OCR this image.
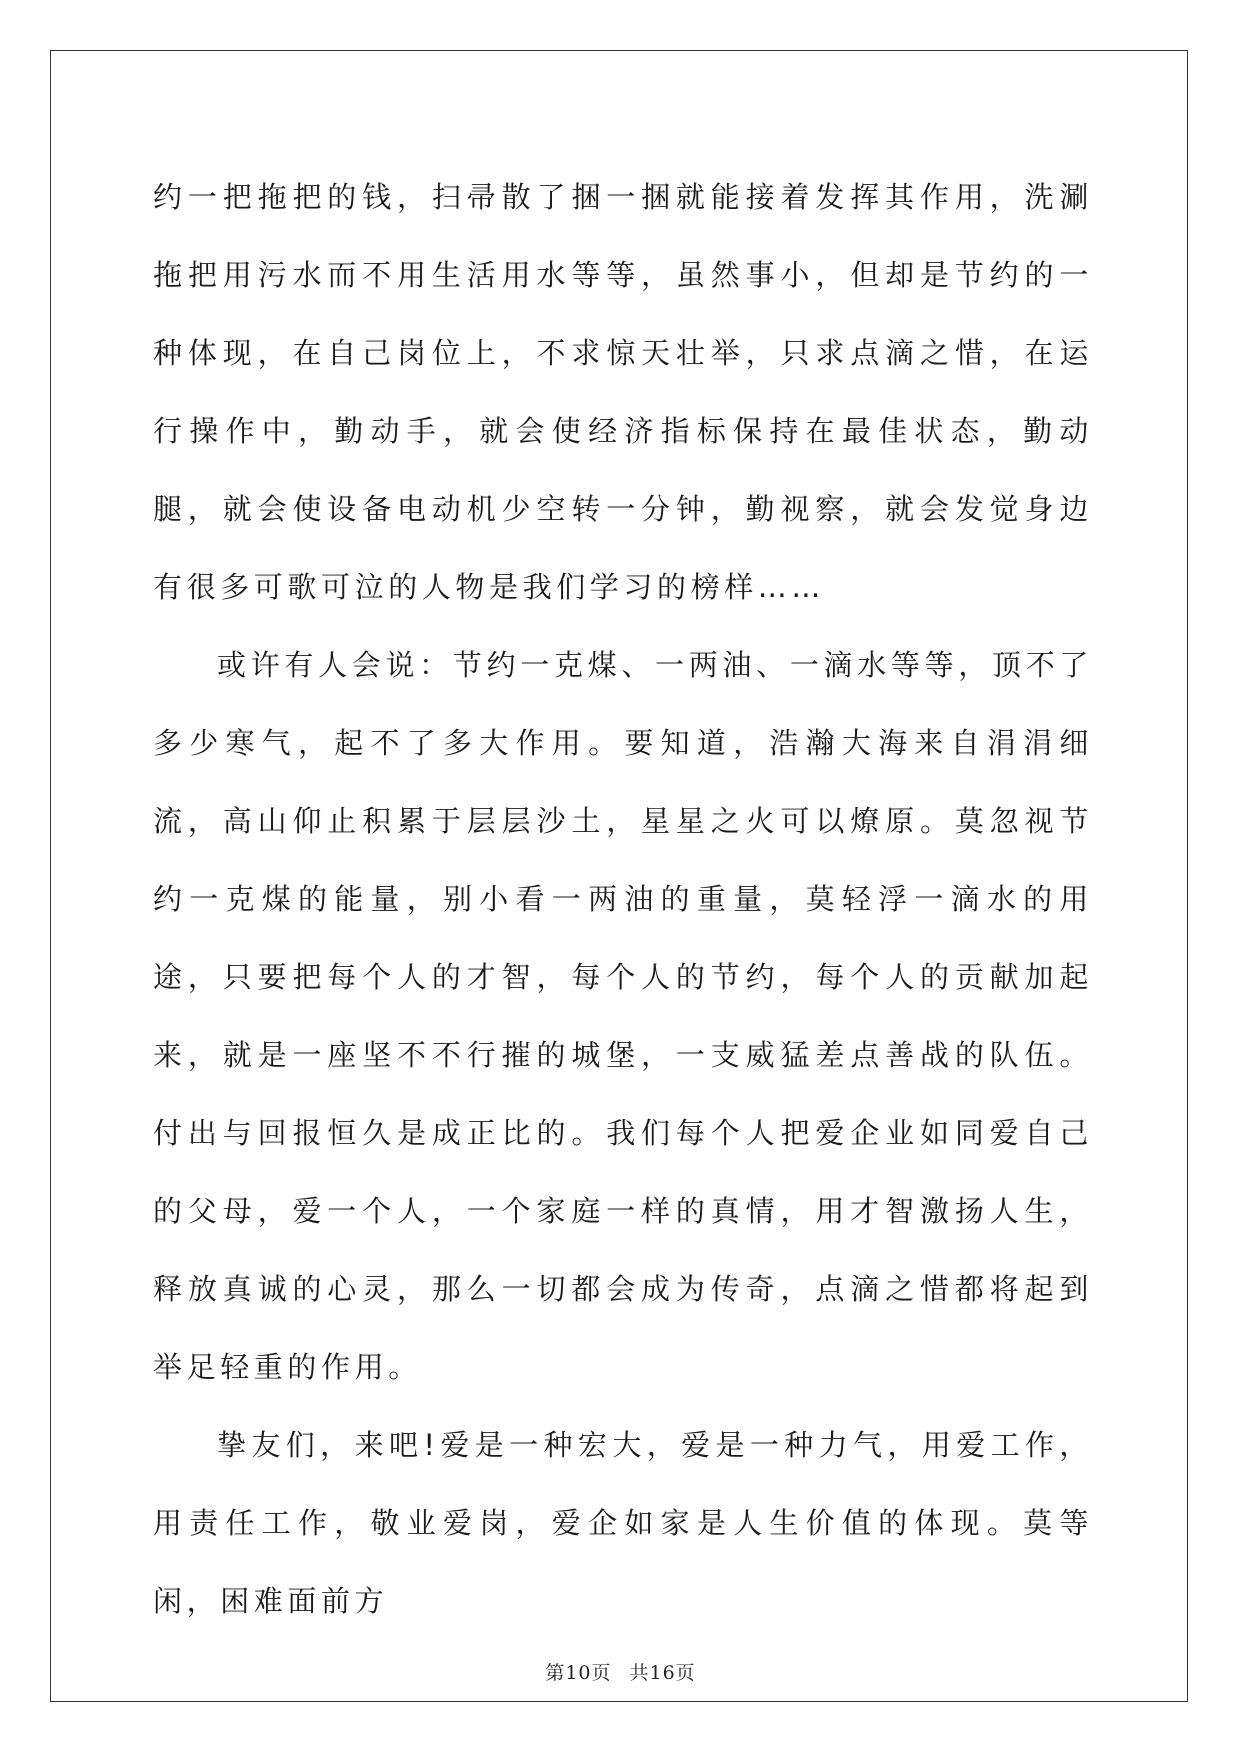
约一把拖把的钱，扫帚散了捆一捆就能接着发挥其作用，洗涮拖把用污水而不用生活用水等等，虽然事小，但却是节约的一种体现，在自己岗位上，不求惊天壮举，只求点滴之惜，在运行操作中，勤动手，就会使经济指标保持在最佳状态，勤动腿，就会使设备电动机少空转一分钟，勤视察，就会发觉身边有很多可歌可泣的人物是我们学习的榜样……

或许有人会说：节约一克煤、一两油、一滴水等等，顶不了多少寒气，起不了多大作用。要知道，浩瀚大海来自涓涓细流，高山仰止积累于层层沙土，星星之火可以燎原。莫忽视节约一克煤的能量，别小看一两油的重量，莫轻浮一滴水的用途，只要把每个人的才智，每个人的节约，每个人的贡献加起来，就是一座坚不不行摧的城堡，一支威猛差点善战的队伍。付出与回报恒久是成正比的。我们每个人把爱企业如同爱自己的父母，爱一个人，一个家庭一样的真情，用才智激扬人生，释放真诚的心灵，那么一切都会成为传奇，点滴之惜都将起到举足轻重的作用。

挚友们，来吧!爱是一种宏大，爱是一种力气，用爱工作，用责任工作，敬业爱岗，爱企如家是人生价值的体现。莫等闲，困难面前方

第10页 共16页
